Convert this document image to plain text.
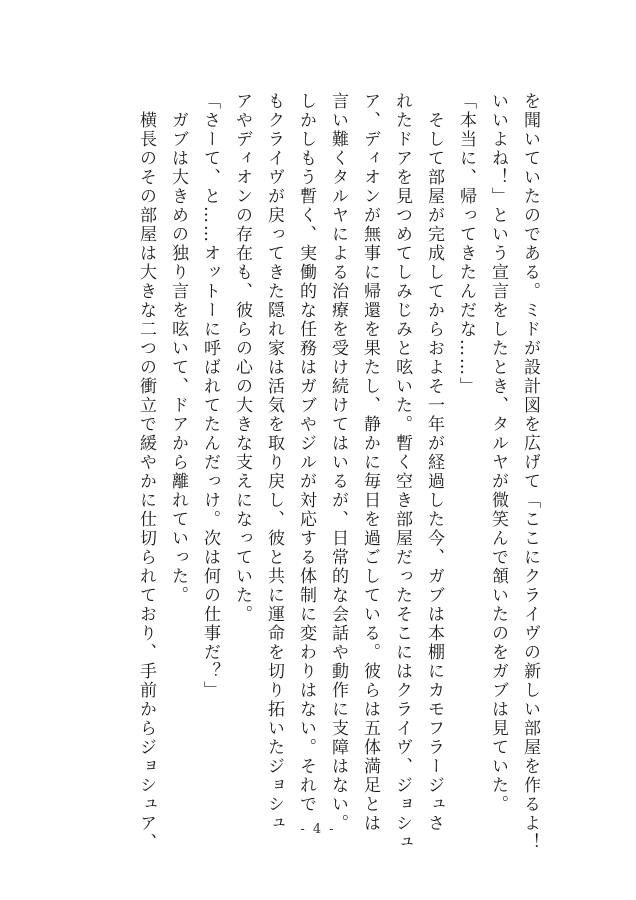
を聞いていたのである。ミドが設計図を広げて「ここにクライヴの新しい部屋を作るよ！
いいよね！」という宣言をしたとき、タルヤが微笑んで頷いたのをガブは見ていた。
「本当に、帰ってきたんだな……」
　そして部屋が完成してからおよそ一年が経過した今、ガブは本棚にカモフラージュさ
れたドアを見つめてしみじみと呟いた。暫く空き部屋だったそこにはクライヴ、ジョシュ
ア、ディオンが無事に帰還を果たし、静かに毎日を過ごしている。彼らは五体満足とは
言い難くタルヤによる治療を受け続けてはいるが、日常的な会話や動作に支障はない。
しかしもう暫く、実働的な任務はガブやジルが対応する体制に変わりはない。それで
もクライヴが戻ってきた隠れ家は活気を取り戻し、彼と共に運命を切り拓いたジョシュ
アやディオンの存在も、彼らの心の大きな支えになっていた。
「さーて、と……オットーに呼ばれてたんだっけ。次は何の仕事だ？」
　ガブは大きめの独り言を呟いて、ドアから離れていった。
　横長のその部屋は大きな二つの衝立で緩やかに仕切られており、手前からジョシュア、	- 4 -
